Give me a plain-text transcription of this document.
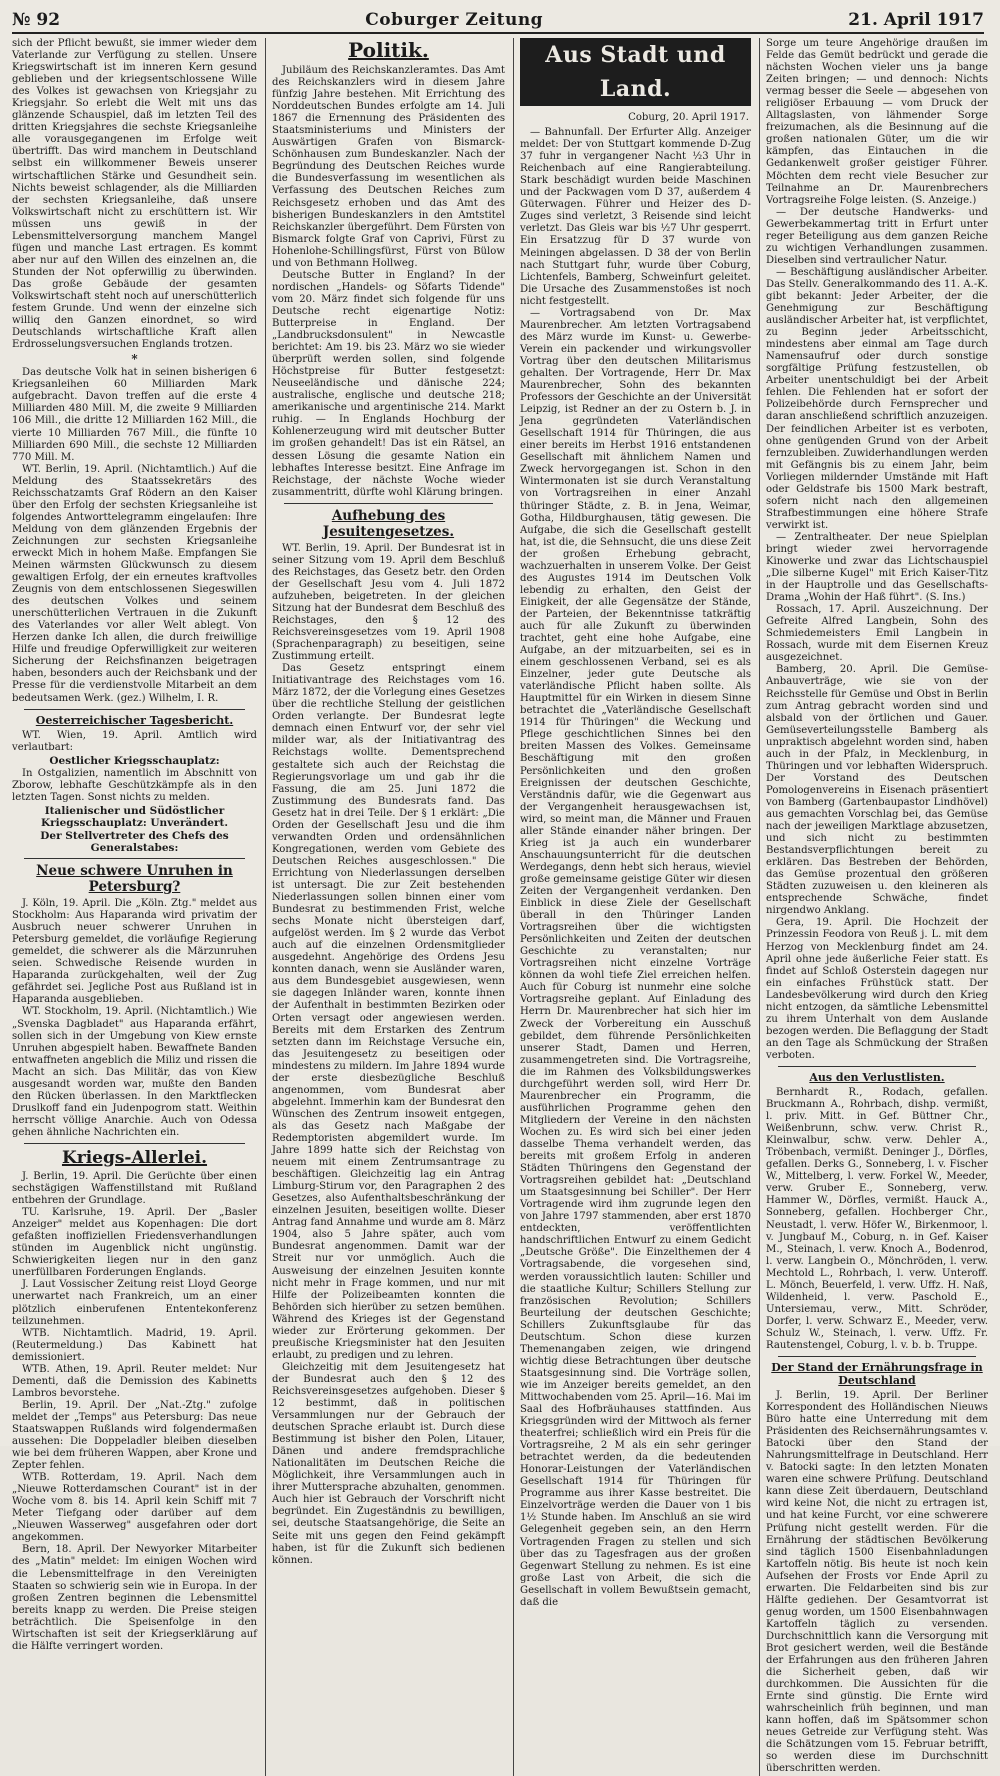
№ 92	Coburger Zeitung	21. April 1917

sich der Pflicht bewußt, sie immer wieder dem Vaterlande zur Verfügung zu stellen. Unsere Kriegswirtschaft ist im inneren Kern gesund geblieben und der kriegsentschlossene Wille des Volkes ist gewachsen von Kriegsjahr zu Kriegsjahr. So erlebt die Welt mit uns das glänzende Schauspiel, daß im letzten Teil des dritten Kriegsjahres die sechste Kriegsanleihe alle vorausgegangenen im Erfolge weit übertrifft. Das wird manchem in Deutschland selbst ein willkommener Beweis unserer wirtschaftlichen Stärke und Gesundheit sein. Nichts beweist schlagender, als die Milliarden der sechsten Kriegsanleihe, daß unsere Volkswirtschaft nicht zu erschüttern ist. Wir müssen uns gewiß in der Lebensmittelversorgung manchem Mangel fügen und manche Last ertragen. Es kommt aber nur auf den Willen des einzelnen an, die Stunden der Not opferwillig zu überwinden. Das große Gebäude der gesamten Volkswirtschaft steht noch auf unerschütterlich festem Grunde. Und wenn der einzelne sich williq den Ganzen einordnet, so wird Deutschlands wirtschaftliche Kraft allen Erdrosselungsversuchen Englands trotzen.

*

Das deutsche Volk hat in seinen bisherigen 6 Kriegsanleihen 60 Milliarden Mark aufgebracht. Davon treffen auf die erste 4 Milliarden 480 Mill. M, die zweite 9 Milliarden 106 Mill., die dritte 12 Milliarden 162 Mill., die vierte 10 Milliarden 767 Mill., die fünfte 10 Milliarden 690 Mill., die sechste 12 Milliarden 770 Mill. M.

WT. Berlin, 19. April. (Nichtamtlich.) Auf die Meldung des Staatssekretärs des Reichsschatzamts Graf Rödern an den Kaiser über den Erfolg der sechsten Kriegsanleihe ist folgendes Antworttelegramm eingelaufen: Ihre Meldung von dem glänzenden Ergebnis der Zeichnungen zur sechsten Kriegsanleihe erweckt Mich in hohem Maße. Empfangen Sie Meinen wärmsten Glückwunsch zu diesem gewaltigen Erfolg, der ein erneutes kraftvolles Zeugnis von dem entschlossenen Siegeswillen des deutschen Volkes und seinem unerschütterlichen Vertrauen in die Zukunft des Vaterlandes vor aller Welt ablegt. Von Herzen danke Ich allen, die durch freiwillige Hilfe und freudige Opferwilligkeit zur weiteren Sicherung der Reichsfinanzen beigetragen haben, besonders auch der Reichsbank und der Presse für die verdienstvolle Mitarbeit an dem bedeutsamen Werk. (gez.) Wilhelm, I. R.

Oesterreichischer Tagesbericht.

WT. Wien, 19. April. Amtlich wird verlautbart:

Oestlicher Kriegsschauplatz:

In Ostgalizien, namentlich im Abschnitt von Zborow, lebhafte Geschützkämpfe als in den letzten Tagen. Sonst nichts zu melden.

Italienischer und Südöstlicher Kriegsschauplatz: Unverändert.
Der Stellvertreter des Chefs des Generalstabes:
Neue schwere Unruhen in Petersburg?

J. Köln, 19. April. Die „Köln. Ztg." meldet aus Stockholm: Aus Haparanda wird privatim der Ausbruch neuer schwerer Unruhen in Petersburg gemeldet, die vorläufige Regierung gemeldet, die schwerer als die Märzunruhen seien. Schwedische Reisende wurden in Haparanda zurückgehalten, weil der Zug gefährdet sei. Jegliche Post aus Rußland ist in Haparanda ausgeblieben.

WT. Stockholm, 19. April. (Nichtamtlich.) Wie „Svenska Dagbladet" aus Haparanda erfährt, sollen sich in der Umgebung von Kiew ernste Unruhen abgespielt haben. Bewaffnete Banden entwaffneten angeblich die Miliz und rissen die Macht an sich. Das Militär, das von Kiew ausgesandt worden war, mußte den Banden den Rücken überlassen. In den Marktflecken Druslkoff fand ein Judenpogrom statt. Weithin herrscht völlige Anarchie. Auch von Odessa gehen ähnliche Nachrichten ein.

Kriegs-Allerlei.

J. Berlin, 19. April. Die Gerüchte über einen sechstägigen Waffenstillstand mit Rußland entbehren der Grundlage.

TU. Karlsruhe, 19. April. Der „Basler Anzeiger" meldet aus Kopenhagen: Die dort gefaßten inoffiziellen Friedensverhandlungen stünden im Augenblick nicht ungünstig. Schwierigkeiten liegen nur in den ganz unerfüllbaren Forderungen Englands.

J. Laut Vossischer Zeitung reist Lloyd George unerwartet nach Frankreich, um an einer plötzlich einberufenen Ententekonferenz teilzunehmen.

WTB. Nichtamtlich. Madrid, 19. April. (Reutermeldung.) Das Kabinett hat demissioniert.

WTB. Athen, 19. April. Reuter meldet: Nur Dementi, daß die Demission des Kabinetts Lambros bevorstehe.

Berlin, 19. April. Der „Nat.-Ztg." zufolge meldet der „Temps" aus Petersburg: Das neue Staatswappen Rußlands wird folgendermaßen aussehen: Die Doppeladler bleiben dieselben wie bei dem früheren Wappen, aber Krone und Zepter fehlen.

WTB. Rotterdam, 19. April. Nach dem „Nieuwe Rotterdamschen Courant" ist in der Woche vom 8. bis 14. April kein Schiff mit 7 Meter Tiefgang oder darüber auf dem „Nieuwen Wasserweg" ausgefahren oder dort angekommen.

Bern, 18. April. Der Newyorker Mitarbeiter des „Matin" meldet: Im einigen Wochen wird die Lebensmittelfrage in den Vereinigten Staaten so schwierig sein wie in Europa. In der großen Zentren beginnen die Lebensmittel bereits knapp zu werden. Die Preise steigen beträchtlich. Die Speisenfolge in den Wirtschaften ist seit der Kriegserklärung auf die Hälfte verringert worden.

Politik.

Jubiläum des Reichskanzleramtes. Das Amt des Reichskanzlers wird in diesem Jahre fünfzig Jahre bestehen. Mit Errichtung des Norddeutschen Bundes erfolgte am 14. Juli 1867 die Ernennung des Präsidenten des Staatsministeriums und Ministers der Auswärtigen Grafen von Bismarck-Schönhausen zum Bundeskanzler. Nach der Begründung des Deutschen Reiches wurde die Bundesverfassung im wesentlichen als Verfassung des Deutschen Reiches zum Reichsgesetz erhoben und das Amt des bisherigen Bundeskanzlers in den Amtstitel Reichskanzler übergeführt. Dem Fürsten von Bismarck folgte Graf von Caprivi, Fürst zu Hohenlohe-Schillingsfürst, Fürst von Bülow und von Bethmann Hollweg.

Deutsche Butter in England? In der nordischen „Handels- og Söfarts Tidende" vom 20. März findet sich folgende für uns Deutsche recht eigenartige Notiz: Butterpreise in England. Der „Landbrucksdonsulent" in Newcastle berichtet: Am 19. bis 23. März wo sie wieder überprüft werden sollen, sind folgende Höchstpreise für Butter festgesetzt: Neuseeländische und dänische 224; australische, englische und deutsche 218; amerikanische und argentinische 214. Markt ruhig. — In Englands Hochburg der Kohlenerzeugung wird mit deutscher Butter im großen gehandelt! Das ist ein Rätsel, an dessen Lösung die gesamte Nation ein lebhaftes Interesse besitzt. Eine Anfrage im Reichstage, der nächste Woche wieder zusammentritt, dürfte wohl Klärung bringen.

Aufhebung des Jesuitengesetzes.

WT. Berlin, 19. April. Der Bundesrat ist in seiner Sitzung vom 19. April dem Beschluß des Reichstages, das Gesetz betr. den Orden der Gesellschaft Jesu vom 4. Juli 1872 aufzuheben, beigetreten. In der gleichen Sitzung hat der Bundesrat dem Beschluß des Reichstages, den § 12 des Reichsvereinsgesetzes vom 19. April 1908 (Sprachenparagraph) zu beseitigen, seine Zustimmung erteilt.

Das Gesetz entspringt einem Initiativantrage des Reichstages vom 16. März 1872, der die Vorlegung eines Gesetzes über die rechtliche Stellung der geistlichen Orden verlangte. Der Bundesrat legte demnach einen Entwurf vor, der sehr viel milder war, als der Initiativantrag des Reichstags wollte. Dementsprechend gestaltete sich auch der Reichstag die Regierungsvorlage um und gab ihr die Fassung, die am 25. Juni 1872 die Zustimmung des Bundesrats fand. Das Gesetz hat in drei Teile. Der § 1 erklärt: „Die Orden der Gesellschaft Jesu und die ihm verwandten Orden und ordensähnlichen Kongregationen, werden vom Gebiete des Deutschen Reiches ausgeschlossen." Die Errichtung von Niederlassungen derselben ist untersagt. Die zur Zeit bestehenden Niederlassungen sollen binnen einer vom Bundesrat zu bestimmenden Frist, welche sechs Monate nicht übersteigen darf, aufgelöst werden. Im § 2 wurde das Verbot auch auf die einzelnen Ordensmitglieder ausgedehnt. Angehörige des Ordens Jesu konnten danach, wenn sie Ausländer waren, aus dem Bundesgebiet ausgewiesen, wenn sie dagegen Inländer waren, konnte ihnen der Aufenthalt in bestimmten Bezirken oder Orten versagt oder angewiesen werden. Bereits mit dem Erstarken des Zentrum setzten dann im Reichstage Versuche ein, das Jesuitengesetz zu beseitigen oder mindestens zu mildern. Im Jahre 1894 wurde der erste diesbezügliche Beschluß angenommen, vom Bundesrat aber abgelehnt. Immerhin kam der Bundesrat den Wünschen des Zentrum insoweit entgegen, als das Gesetz nach Maßgabe der Redemptoristen abgemildert wurde. Im Jahre 1899 hatte sich der Reichstag von neuem mit einem Zentrumsantrage zu beschäftigen. Gleichzeitig lag ein Antrag Limburg-Stirum vor, den Paragraphen 2 des Gesetzes, also Aufenthaltsbeschränkung der einzelnen Jesuiten, beseitigen wollte. Dieser Antrag fand Annahme und wurde am 8. März 1904, also 5 Jahre später, auch vom Bundesrat angenommen. Damit war der Streit nur vor unmöglich. Auch die Ausweisung der einzelnen Jesuiten konnte nicht mehr in Frage kommen, und nur mit Hilfe der Polizeibeamten konnten die Behörden sich hierüber zu setzen bemühen. Während des Krieges ist der Gegenstand wieder zur Erörterung gekommen. Der preußische Kriegsminister hat den Jesuiten erlaubt, zu predigen und zu lehren.

Gleichzeitig mit dem Jesuitengesetz hat der Bundesrat auch den § 12 des Reichsvereinsgesetzes aufgehoben. Dieser § 12 bestimmt, daß in politischen Versammlungen nur der Gebrauch der deutschen Sprache erlaubt ist. Durch diese Bestimmung ist bisher den Polen, Litauer, Dänen und andere fremdsprachliche Nationalitäten im Deutschen Reiche die Möglichkeit, ihre Versammlungen auch in ihrer Muttersprache abzuhalten, genommen. Auch hier ist Gebrauch der Vorschrift nicht begründet. Ein Zugeständnis zu bewilligen, sei, deutsche Staatsangehörige, die Seite an Seite mit uns gegen den Feind gekämpft haben, ist für die Zukunft sich bedienen können.

Aus Stadt und Land.
Coburg, 20. April 1917.

— Bahnunfall. Der Erfurter Allg. Anzeiger meldet: Der von Stuttgart kommende D-Zug 37 fuhr in vergangener Nacht ½3 Uhr in Reichenbach auf eine Rangierabteilung. Stark beschädigt wurden beide Maschinen und der Packwagen vom D 37, außerdem 4 Güterwagen. Führer und Heizer des D-Zuges sind verletzt, 3 Reisende sind leicht verletzt. Das Gleis war bis ½7 Uhr gesperrt. Ein Ersatzzug für D 37 wurde von Meiningen abgelassen. D 38 der von Berlin nach Stuttgart fuhr, wurde über Coburg, Lichtenfels, Bamberg, Schweinfurt geleitet. Die Ursache des Zusammenstoßes ist noch nicht festgestellt.

— Vortragsabend von Dr. Max Maurenbrecher. Am letzten Vortragsabend des März wurde im Kunst- u. Gewerbe-Verein ein packender und wirkungsvoller Vortrag über den deutschen Militarismus gehalten. Der Vortragende, Herr Dr. Max Maurenbrecher, Sohn des bekannten Professors der Geschichte an der Universität Leipzig, ist Redner an der zu Ostern b. J. in Jena gegründeten Vaterländischen Gesellschaft 1914 für Thüringen, die aus einer bereits im Herbst 1916 entstandenen Gesellschaft mit ähnlichem Namen und Zweck hervorgegangen ist. Schon in den Wintermonaten ist sie durch Veranstaltung von Vortragsreihen in einer Anzahl thüringer Städte, z. B. in Jena, Weimar, Gotha, Hildburghausen, tätig gewesen. Die Aufgabe, die sich die Gesellschaft gestellt hat, ist die, die Sehnsucht, die uns diese Zeit der großen Erhebung gebracht, wachzuerhalten in unserem Volke. Der Geist des Augustes 1914 im Deutschen Volk lebendig zu erhalten, den Geist der Einigkeit, der alle Gegensätze der Stände, der Parteien, der Bekenntnisse tatkräftig auch für alle Zukunft zu überwinden trachtet, geht eine hohe Aufgabe, eine Aufgabe, an der mitzuarbeiten, sei es in einem geschlossenen Verband, sei es als Einzelner, jeder gute Deutsche als vaterländische Pflicht haben sollte. Als Hauptmittel für ein Wirken in diesem Sinne betrachtet die „Vaterländische Gesellschaft 1914 für Thüringen" die Weckung und Pflege geschichtlichen Sinnes bei den breiten Massen des Volkes. Gemeinsame Beschäftigung mit den großen Persönlichkeiten und den großen Ereignissen der deutschen Geschichte, Verständnis dafür, wie die Gegenwart aus der Vergangenheit herausgewachsen ist, wird, so meint man, die Männer und Frauen aller Stände einander näher bringen. Der Krieg ist ja auch ein wunderbarer Anschauungsunterricht für die deutschen Werdegangs, denn hebt sich heraus, wieviel große gemeinsame geistige Güter wir diesen Zeiten der Vergangenheit verdanken. Den Einblick in diese Ziele der Gesellschaft überall in den Thüringer Landen Vortragsreihen über die wichtigsten Persönlichkeiten und Zeiten der deutschen Geschichte zu veranstalten; nur Vortragsreihen nicht einzelne Vorträge können da wohl tiefe Ziel erreichen helfen. Auch für Coburg ist nunmehr eine solche Vortragsreihe geplant. Auf Einladung des Herrn Dr. Maurenbrecher hat sich hier im Zweck der Vorbereitung ein Ausschuß gebildet, dem führende Persönlichkeiten unserer Stadt, Damen und Herren, zusammengetreten sind. Die Vortragsreihe, die im Rahmen des Volksbildungswerkes durchgeführt werden soll, wird Herr Dr. Maurenbrecher ein Programm, die ausführlichen Programme gehen den Mitgliedern der Vereine in den nächsten Wochen zu. Es wird sich bei einer jeden dasselbe Thema verhandelt werden, das bereits mit großem Erfolg in anderen Städten Thüringens den Gegenstand der Vortragsreihen gebildet hat: „Deutschland um Staatsgesinnung bei Schiller". Der Herr Vortragende wird ihm zugrunde legen den von Jahre 1797 stammenden, aber erst 1870 entdeckten, veröffentlichten handschriftlichen Entwurf zu einem Gedicht „Deutsche Größe". Die Einzelthemen der 4 Vortragsabende, die vorgesehen sind, werden voraussichtlich lauten: Schiller und die staatliche Kultur; Schillers Stellung zur französischen Revolution; Schillers Beurteilung der deutschen Geschichte; Schillers Zukunftsglaube für das Deutschtum. Schon diese kurzen Themenangaben zeigen, wie dringend wichtig diese Betrachtungen über deutsche Staatsgesinnung sind. Die Vorträge sollen, wie im Anzeiger bereits gemeldet, an den Mittwochabenden vom 25. April—16. Mai im Saal des Hofbräuhauses stattfinden. Aus Kriegsgründen wird der Mittwoch als ferner theaterfrei; schließlich wird ein Preis für die Vortragsreihe, 2 M als ein sehr geringer betrachtet werden, da die bedeutenden Honorar-Leistungen der Vaterländischen Gesellschaft 1914 für Thüringen für Programme aus ihrer Kasse bestreitet. Die Einzelvorträge werden die Dauer von 1 bis 1½ Stunde haben. Im Anschluß an sie wird Gelegenheit gegeben sein, an den Herrn Vortragenden Fragen zu stellen und sich über das zu Tagesfragen aus der großen Gegenwart Stellung zu nehmen. Es ist eine große Last von Arbeit, die sich die Gesellschaft in vollem Bewußtsein gemacht, daß die

Sorge um teure Angehörige draußen im Felde das Gemüt bedrückt und gerade die nächsten Wochen vieler uns ja bange Zeiten bringen; — und dennoch: Nichts vermag besser die Seele — abgesehen von religiöser Erbauung — vom Druck der Alltagslasten, von lähmender Sorge freizumachen, als die Besinnung auf die großen nationalen Güter, um die wir kämpfen, das Eintauchen in die Gedankenwelt großer geistiger Führer. Möchten dem recht viele Besucher zur Teilnahme an Dr. Maurenbrechers Vortragsreihe Folge leisten. (S. Anzeige.)

— Der deutsche Handwerks- und Gewerbekammertag tritt in Erfurt unter reger Beteiligung aus dem ganzen Reiche zu wichtigen Verhandlungen zusammen. Dieselben sind vertraulicher Natur.

— Beschäftigung ausländischer Arbeiter. Das Stellv. Generalkommando des 11. A.-K. gibt bekannt: Jeder Arbeiter, der die Genehmigung zur Beschäftigung ausländischer Arbeiter hat, ist verpflichtet, zu Beginn jeder Arbeitsschicht, mindestens aber einmal am Tage durch Namensaufruf oder durch sonstige sorgfältige Prüfung festzustellen, ob Arbeiter unentschuldigt bei der Arbeit fehlen. Die Fehlenden hat er sofort der Polizeibehörde durch Fernsprecher und daran anschließend schriftlich anzuzeigen. Der feindlichen Arbeiter ist es verboten, ohne genügenden Grund von der Arbeit fernzubleiben. Zuwiderhandlungen werden mit Gefängnis bis zu einem Jahr, beim Vorliegen mildernder Umstände mit Haft oder Geldstrafe bis 1500 Mark bestraft, sofern nicht nach den allgemeinen Strafbestimmungen eine höhere Strafe verwirkt ist.

— Zentraltheater. Der neue Spielplan bringt wieder zwei hervorragende Kinowerke und zwar das Lichtschauspiel „Die silberne Kugel" mit Erich Kaiser-Titz in der Hauptrolle und das Gesellschafts-Drama „Wohin der Haß führt". (S. Ins.)

Rossach, 17. April. Auszeichnung. Der Gefreite Alfred Langbein, Sohn des Schmiedemeisters Emil Langbein in Rossach, wurde mit dem Eisernen Kreuz ausgezeichnet.

Bamberg, 20. April. Die Gemüse-Anbauverträge, wie sie von der Reichsstelle für Gemüse und Obst in Berlin zum Antrag gebracht worden sind und alsbald von der örtlichen und Gauer. Gemüseverteilungsstelle Bamberg als unpraktisch abgelehnt worden sind, haben auch in der Pfalz, in Mecklenburg, in Thüringen und vor lebhaften Widerspruch. Der Vorstand des Deutschen Pomologenvereins in Eisenach präsentiert von Bamberg (Gartenbaupastor Lindhövel) aus gemachten Vorschlag bei, das Gemüse nach der jeweiligen Marktlage abzusetzen, und sich nicht zu bestimmten Bestandsverpflichtungen bereit zu erklären. Das Bestreben der Behörden, das Gemüse prozentual den größeren Städten zuzuweisen u. den kleineren als entsprechende Schwäche, findet nirgendwo Anklang.

Gera, 19. April. Die Hochzeit der Prinzessin Feodora von Reuß j. L. mit dem Herzog von Mecklenburg findet am 24. April ohne jede äußerliche Feier statt. Es findet auf Schloß Osterstein dagegen nur ein einfaches Frühstück statt. Der Landesbevölkerung wird durch den Krieg nicht entzogen, da sämtliche Lebensmittel zu ihrem Unterhalt von dem Auslande bezogen werden. Die Beflaggung der Stadt an den Tage als Schmückung der Straßen verboten.

Aus den Verlustlisten.

Bernhardt R., Rodach, gefallen. Bruckmann A., Rohrbach, dishp. vermißt, l. priv. Mitt. in Gef. Büttner Chr., Weißenbrunn, schw. verw. Christ R., Kleinwalbur, schw. verw. Dehler A., Tröbenbach, vermißt. Deninger J., Dörfles, gefallen. Derks G., Sonneberg, l. v. Fischer W., Mittelberg, l. verw. Forkel W., Meeder, verw. Gruber E., Sonneberg, verw. Hammer W., Dörfles, vermißt. Hauck A., Sonneberg, gefallen. Hochberger Chr., Neustadt, l. verw. Höfer W., Birkenmoor, l. v. Jungbauf M., Coburg, n. in Gef. Kaiser M., Steinach, l. verw. Knoch A., Bodenrod, l. verw. Langbein O., Mönchröden, l. verw. Mechtold L., Rohrbach, l. verw. Unteroff. L. Mönch, Beuerfeld, l. verw. Uffz. H. Naß, Wildenheid, l. verw. Paschold E., Untersiemau, verw., Mitt. Schröder, Dorfer, l. verw. Schwarz E., Meeder, verw. Schulz W., Steinach, l. verw. Uffz. Fr. Rautenstengel, Coburg, l. v. b. b. Truppe.

Der Stand der Ernährungsfrage in Deutschland

J. Berlin, 19. April. Der Berliner Korrespondent des Holländischen Nieuws Büro hatte eine Unterredung mit dem Präsidenten des Reichsernährungsamtes v. Batocki über den Stand der Nahrungsmittelfrage in Deutschland. Herr v. Batocki sagte: In den letzten Monaten waren eine schwere Prüfung. Deutschland kann diese Zeit überdauern, Deutschland wird keine Not, die nicht zu ertragen ist, und hat keine Furcht, vor eine schwerere Prüfung nicht gestellt werden. Für die Ernährung der städtischen Bevölkerung sind täglich 1500 Eisenbahnladungen Kartoffeln nötig. Bis heute ist noch kein Aufsehen der Frosts vor Ende April zu erwarten. Die Feldarbeiten sind bis zur Hälfte gediehen. Der Gesamtvorrat ist genug worden, um 1500 Eisenbahnwagen Kartoffeln täglich zu versenden. Durchschnittlich kann die Versorgung mit Brot gesichert werden, weil die Bestände der Erfahrungen aus den früheren Jahren die Sicherheit geben, daß wir durchkommen. Die Aussichten für die Ernte sind günstig. Die Ernte wird wahrscheinlich früh beginnen, und man kann hoffen, daß im Spätsommer schon neues Getreide zur Verfügung steht. Was die Schätzungen vom 15. Februar betrifft, so werden diese im Durchschnitt überschritten werden.
